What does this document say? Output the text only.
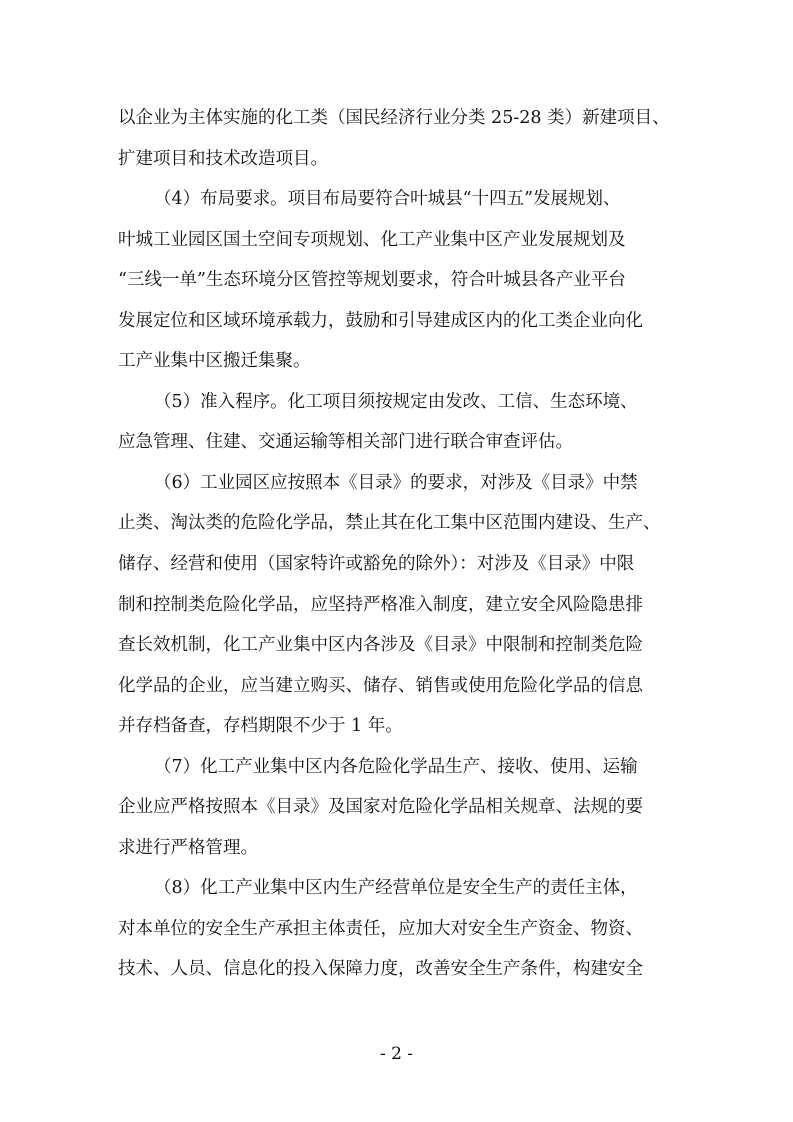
以企业为主体实施的化工类（国民经济行业分类 25-28 类）新建项目、
扩建项目和技术改造项目。
（4）布局要求。项目布局要符合叶城县“十四五”发展规划、
叶城工业园区国土空间专项规划、化工产业集中区产业发展规划及
“三线一单”生态环境分区管控等规划要求，符合叶城县各产业平台
发展定位和区域环境承载力，鼓励和引导建成区内的化工类企业向化
工产业集中区搬迁集聚。
（5）准入程序。化工项目须按规定由发改、工信、生态环境、
应急管理、住建、交通运输等相关部门进行联合审查评估。
（6）工业园区应按照本《目录》的要求，对涉及《目录》中禁
止类、淘汰类的危险化学品，禁止其在化工集中区范围内建设、生产、
储存、经营和使用（国家特许或豁免的除外）：对涉及《目录》中限
制和控制类危险化学品，应坚持严格准入制度，建立安全风险隐患排
查长效机制，化工产业集中区内各涉及《目录》中限制和控制类危险
化学品的企业，应当建立购买、储存、销售或使用危险化学品的信息
并存档备查，存档期限不少于 1 年。
（7）化工产业集中区内各危险化学品生产、接收、使用、运输
企业应严格按照本《目录》及国家对危险化学品相关规章、法规的要
求进行严格管理。
（8）化工产业集中区内生产经营单位是安全生产的责任主体，
对本单位的安全生产承担主体责任，应加大对安全生产资金、物资、
技术、人员、信息化的投入保障力度，改善安全生产条件，构建安全
- 2 -
